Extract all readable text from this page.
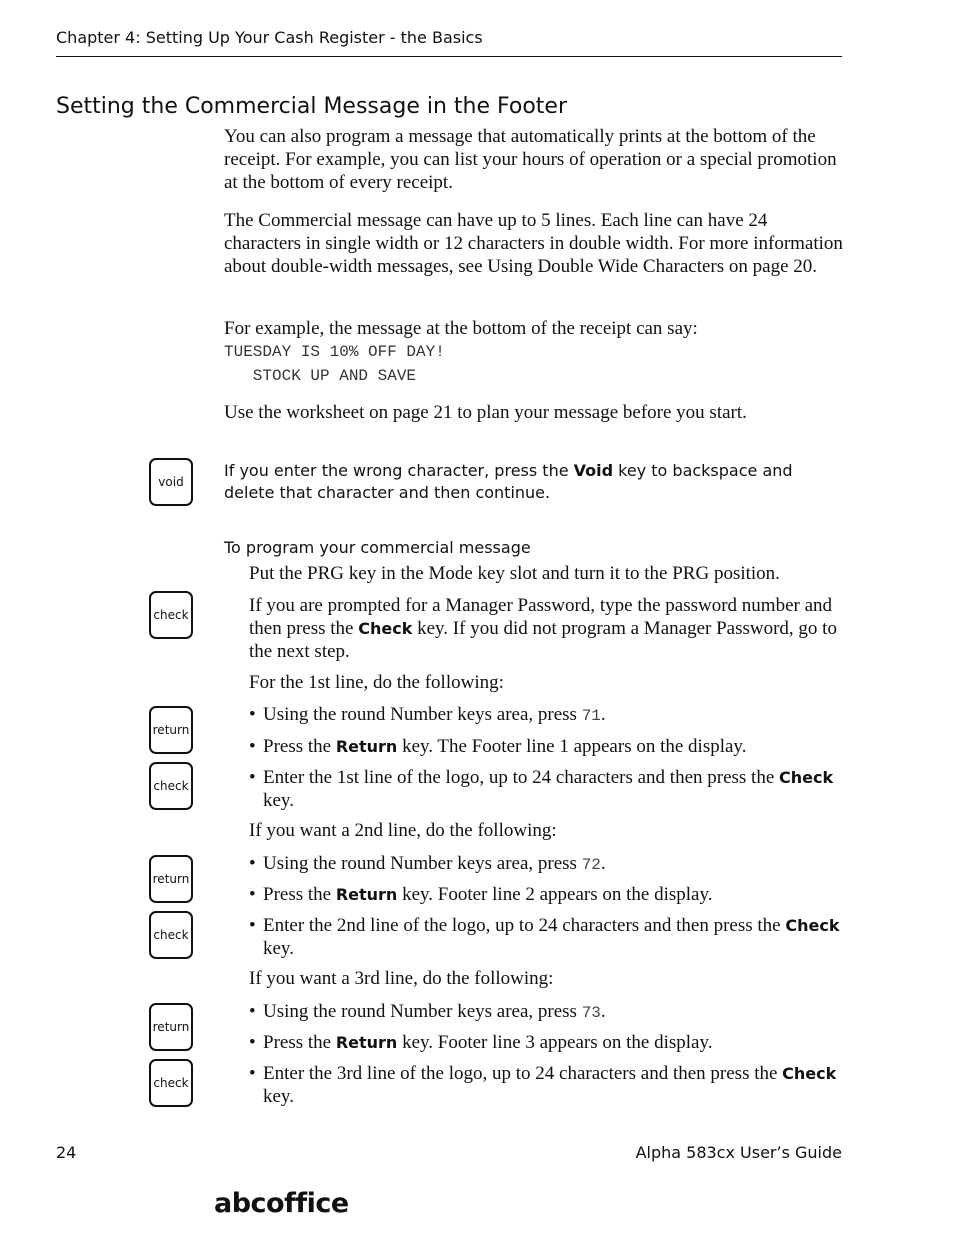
Chapter 4: Setting Up Your Cash Register - the Basics
Setting the Commercial Message in the Footer
You can also program a message that automatically prints at the bottom of the receipt. For example, you can list your hours of operation or a special promotion at the bottom of every receipt.
The Commercial message can have up to 5 lines. Each line can have 24 characters in single width or 12 characters in double width. For more information about double-width messages, see Using Double Wide Characters on page 20.
For example, the message at the bottom of the receipt can say:
TUESDAY IS 10% OFF DAY!
STOCK UP AND SAVE
Use the worksheet on page 21 to plan your message before you start.
void
If you enter the wrong character, press the Void key to backspace and delete that character and then continue.
To program your commercial message
Put the PRG key in the Mode key slot and turn it to the PRG position.
check	If you are prompted for a Manager Password, type the password number and then press the Check key. If you did not program a Manager Password, go to the next step.
For the 1st line, do the following:
return
• Using the round Number keys area, press 71.
• Press the Return key. The Footer line 1 appears on the display.
check	• Enter the 1st line of the logo, up to 24 characters and then press the Check key.
If you want a 2nd line, do the following:
return
• Using the round Number keys area, press 72.
• Press the Return key. Footer line 2 appears on the display.
check	• Enter the 2nd line of the logo, up to 24 characters and then press the Check key.
If you want a 3rd line, do the following:
return
• Using the round Number keys area, press 73.
• Press the Return key. Footer line 3 appears on the display.
check	• Enter the 3rd line of the logo, up to 24 characters and then press the Check key.
24	Alpha 583cx User’s Guide
abcoffice
